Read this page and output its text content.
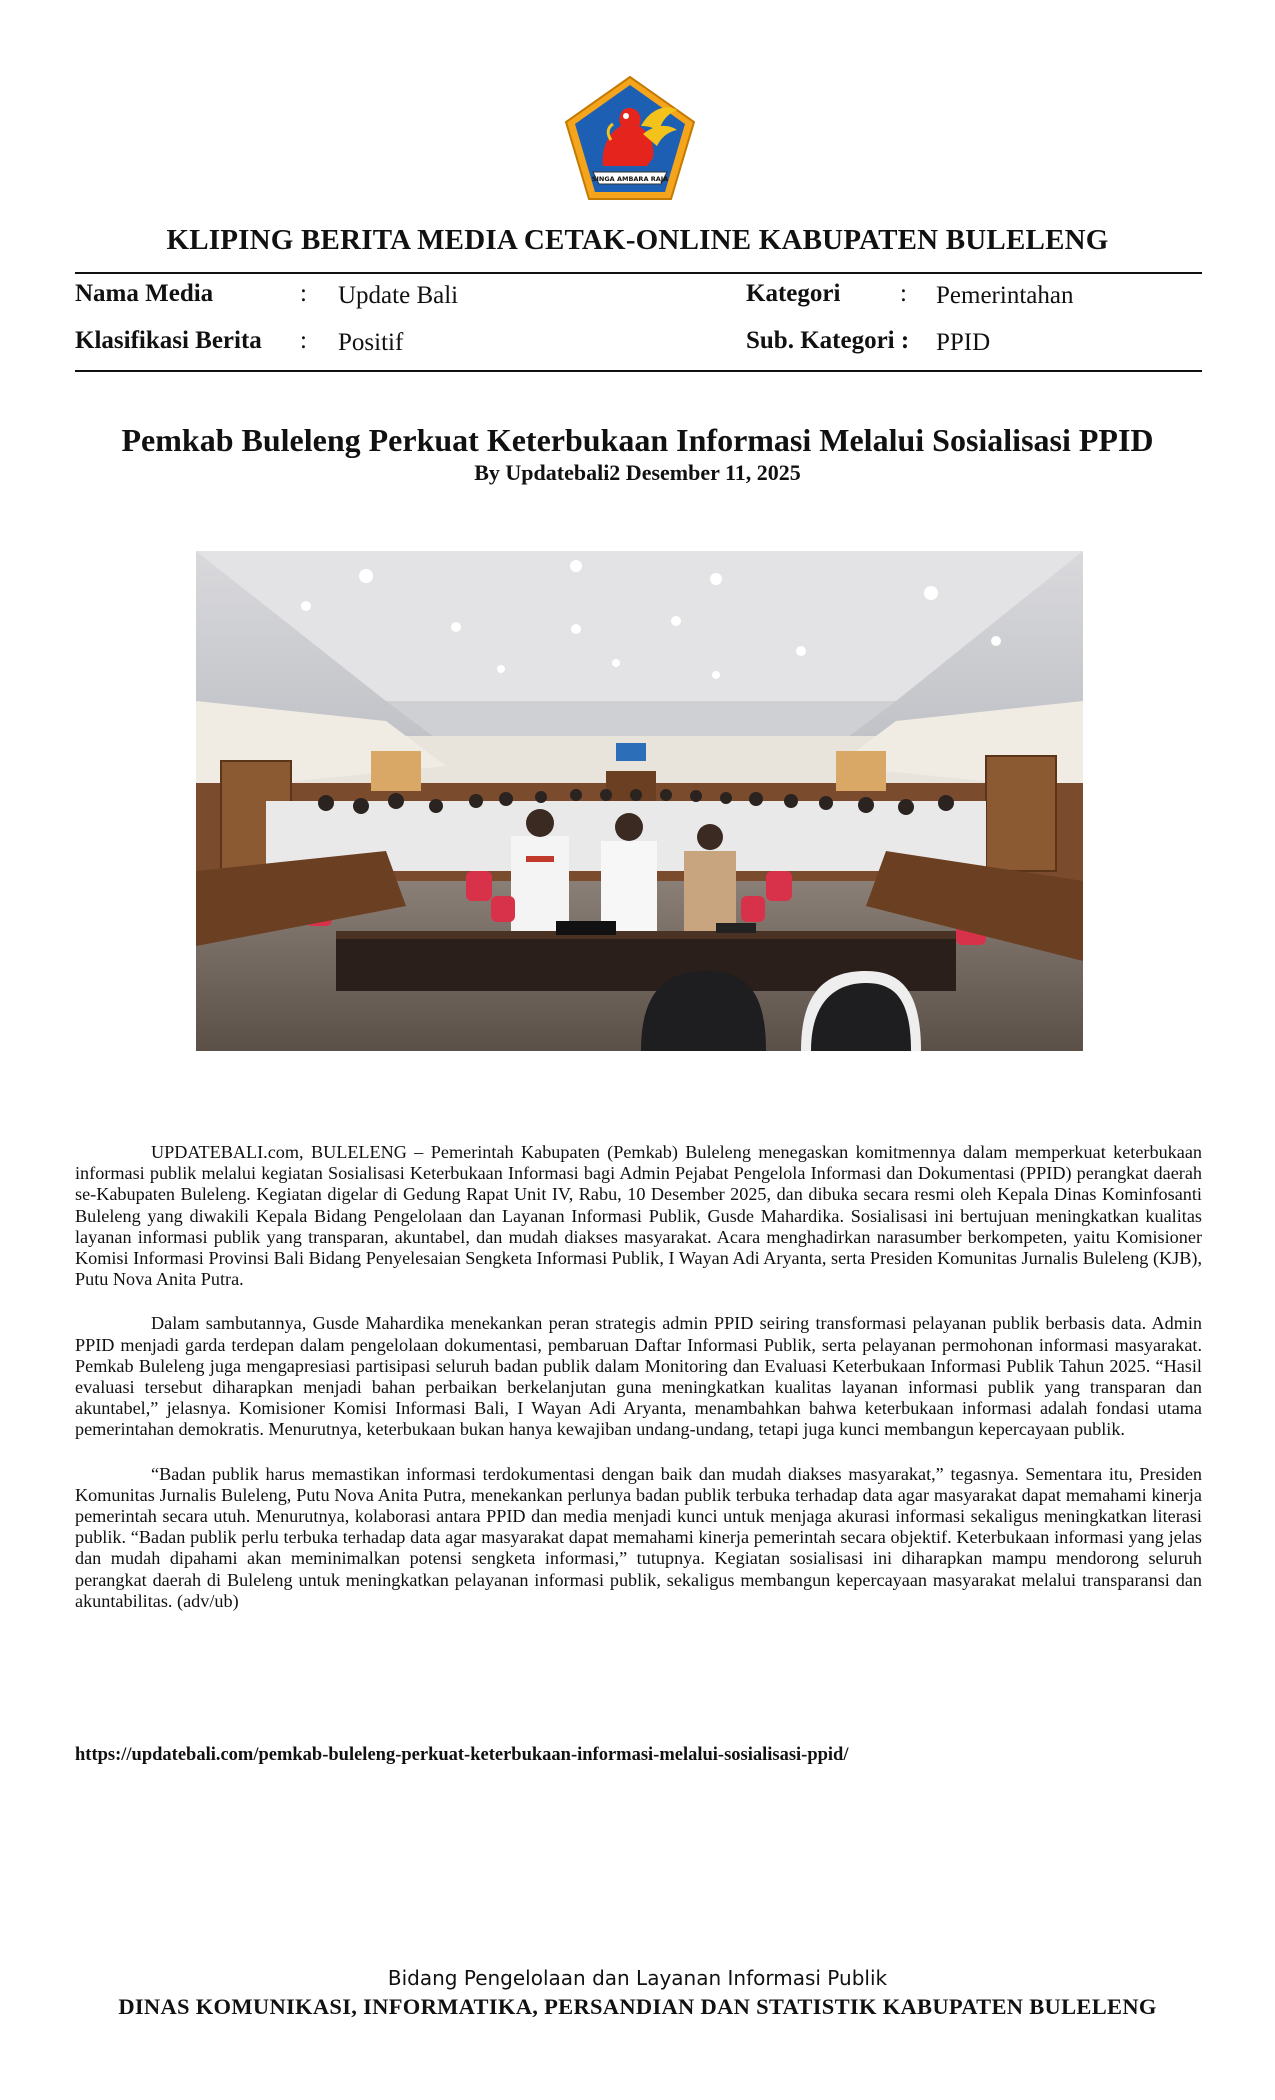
SINGA AMBARA RAJA
KLIPING BERITA MEDIA CETAK-ONLINE KABUPATEN BULELENG
Nama Media	: Update Bali	Kategori : Pemerintahan
Klasifikasi Berita : Positif	Sub. Kategori : PPID
Pemkab Buleleng Perkuat Keterbukaan Informasi Melalui Sosialisasi PPID
By Updatebali2 Desember 11, 2025

UPDATEBALI.com, BULELENG – Pemerintah Kabupaten (Pemkab) Buleleng menegaskan komitmennya dalam memperkuat keterbukaan informasi publik melalui kegiatan Sosialisasi Keterbukaan Informasi bagi Admin Pejabat Pengelola Informasi dan Dokumentasi (PPID) perangkat daerah se-Kabupaten Buleleng. Kegiatan digelar di Gedung Rapat Unit IV, Rabu, 10 Desember 2025, dan dibuka secara resmi oleh Kepala Dinas Kominfosanti Buleleng yang diwakili Kepala Bidang Pengelolaan dan Layanan Informasi Publik, Gusde Mahardika. Sosialisasi ini bertujuan meningkatkan kualitas layanan informasi publik yang transparan, akuntabel, dan mudah diakses masyarakat. Acara menghadirkan narasumber berkompeten, yaitu Komisioner Komisi Informasi Provinsi Bali Bidang Penyelesaian Sengketa Informasi Publik, I Wayan Adi Aryanta, serta Presiden Komunitas Jurnalis Buleleng (KJB), Putu Nova Anita Putra.

Dalam sambutannya, Gusde Mahardika menekankan peran strategis admin PPID seiring transformasi pelayanan publik berbasis data. Admin PPID menjadi garda terdepan dalam pengelolaan dokumentasi, pembaruan Daftar Informasi Publik, serta pelayanan permohonan informasi masyarakat. Pemkab Buleleng juga mengapresiasi partisipasi seluruh badan publik dalam Monitoring dan Evaluasi Keterbukaan Informasi Publik Tahun 2025. “Hasil evaluasi tersebut diharapkan menjadi bahan perbaikan berkelanjutan guna meningkatkan kualitas layanan informasi publik yang transparan dan akuntabel,” jelasnya. Komisioner Komisi Informasi Bali, I Wayan Adi Aryanta, menambahkan bahwa keterbukaan informasi adalah fondasi utama pemerintahan demokratis. Menurutnya, keterbukaan bukan hanya kewajiban undang-undang, tetapi juga kunci membangun kepercayaan publik.

“Badan publik harus memastikan informasi terdokumentasi dengan baik dan mudah diakses masyarakat,” tegasnya. Sementara itu, Presiden Komunitas Jurnalis Buleleng, Putu Nova Anita Putra, menekankan perlunya badan publik terbuka terhadap data agar masyarakat dapat memahami kinerja pemerintah secara utuh. Menurutnya, kolaborasi antara PPID dan media menjadi kunci untuk menjaga akurasi informasi sekaligus meningkatkan literasi publik. “Badan publik perlu terbuka terhadap data agar masyarakat dapat memahami kinerja pemerintah secara objektif. Keterbukaan informasi yang jelas dan mudah dipahami akan meminimalkan potensi sengketa informasi,” tutupnya. Kegiatan sosialisasi ini diharapkan mampu mendorong seluruh perangkat daerah di Buleleng untuk meningkatkan pelayanan informasi publik, sekaligus membangun kepercayaan masyarakat melalui transparansi dan akuntabilitas. (adv/ub)

https://updatebali.com/pemkab-buleleng-perkuat-keterbukaan-informasi-melalui-sosialisasi-ppid/
Bidang Pengelolaan dan Layanan Informasi Publik
DINAS KOMUNIKASI, INFORMATIKA, PERSANDIAN DAN STATISTIK KABUPATEN BULELENG
